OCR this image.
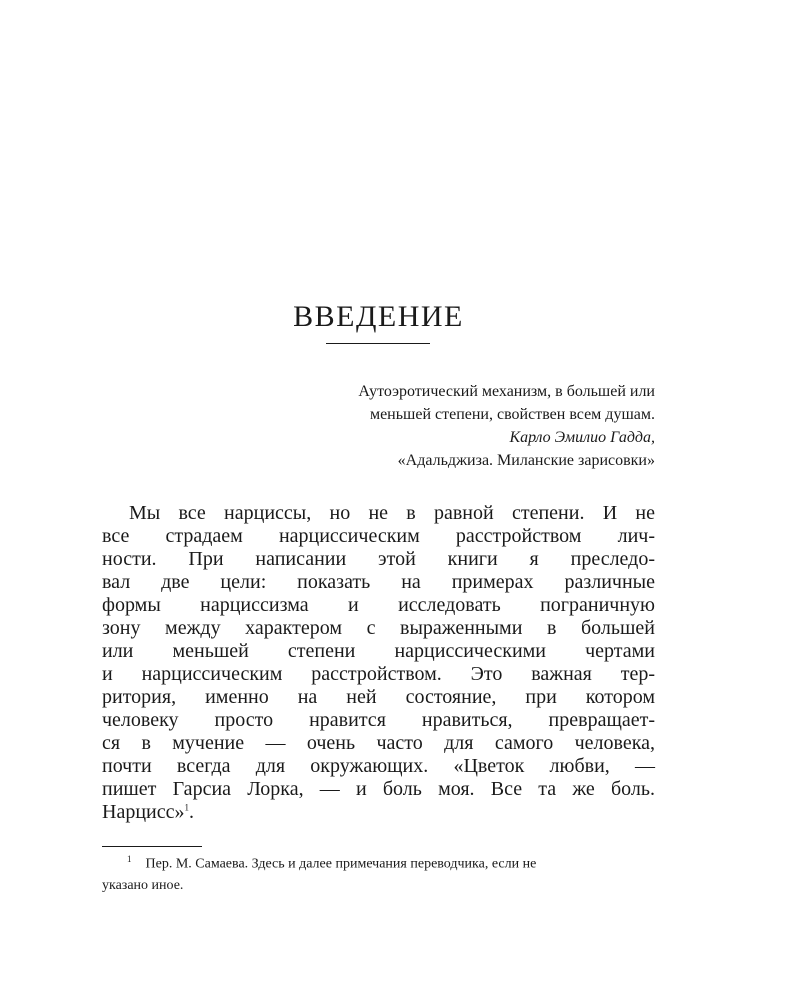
ВВЕДЕНИЕ
Аутоэротический механизм, в большей или
меньшей степени, свойствен всем душам.
Карло Эмилио Гадда,
«Адальджиза. Миланские зарисовки»
Мы все нарциссы, но не в равной степени. И не
все страдаем нарциссическим расстройством лич-
ности. При написании этой книги я преследо-
вал две цели: показать на примерах различные
формы нарциссизма и исследовать пограничную
зону между характером с выраженными в большей
или меньшей степени нарциссическими чертами
и нарциссическим расстройством. Это важная тер-
ритория, именно на ней состояние, при котором
человеку просто нравится нравиться, превращает-
ся в мучение — очень часто для самого человека,
почти всегда для окружающих. «Цветок любви, —
пишет Гарсиа Лорка, — и боль моя. Все та же боль.
Нарцисс»$^1$.
$^1$ Пер. М. Самаева. Здесь и далее примечания переводчика, если не
указано иное.
